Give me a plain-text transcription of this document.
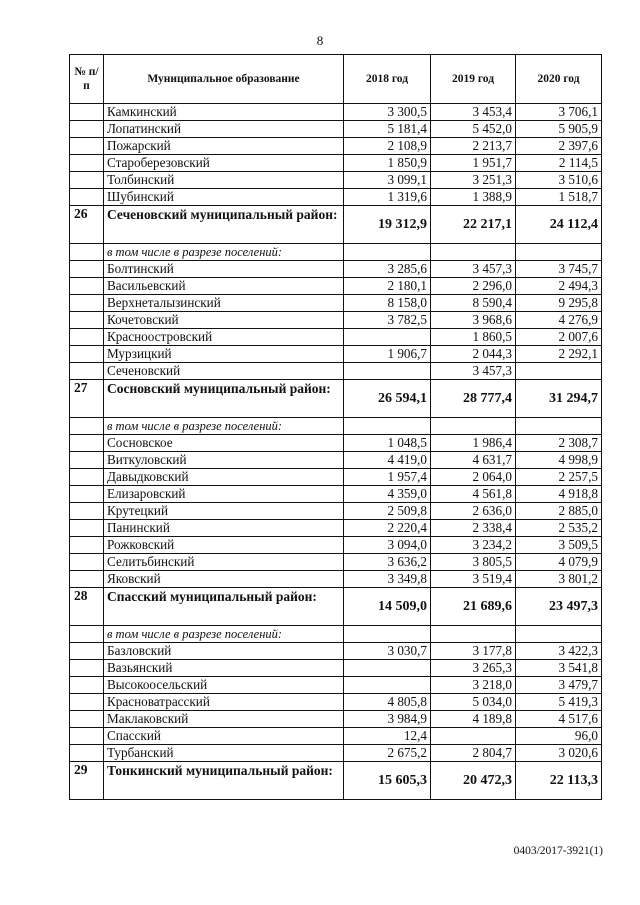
8
№ п/п	Муниципальное образование	2018 год	2019 год	2020 год
	Камкинский	3 300,5	3 453,4	3 706,1
	Лопатинский	5 181,4	5 452,0	5 905,9
	Пожарский	2 108,9	2 213,7	2 397,6
	Староберезовский	1 850,9	1 951,7	2 114,5
	Толбинский	3 099,1	3 251,3	3 510,6
	Шубинский	1 319,6	1 388,9	1 518,7
26	Сеченовский муниципальный район:	19 312,9	22 217,1	24 112,4
	в том числе в разрезе поселений:			
	Болтинский	3 285,6	3 457,3	3 745,7
	Васильевский	2 180,1	2 296,0	2 494,3
	Верхнеталызинский	8 158,0	8 590,4	9 295,8
	Кочетовский	3 782,5	3 968,6	4 276,9
	Красноостровский		1 860,5	2 007,6
	Мурзицкий	1 906,7	2 044,3	2 292,1
	Сеченовский		3 457,3	
27	Сосновский муниципальный район:	26 594,1	28 777,4	31 294,7
	в том числе в разрезе поселений:			
	Сосновское	1 048,5	1 986,4	2 308,7
	Виткуловский	4 419,0	4 631,7	4 998,9
	Давыдковский	1 957,4	2 064,0	2 257,5
	Елизаровский	4 359,0	4 561,8	4 918,8
	Крутецкий	2 509,8	2 636,0	2 885,0
	Панинский	2 220,4	2 338,4	2 535,2
	Рожковский	3 094,0	3 234,2	3 509,5
	Селитьбинский	3 636,2	3 805,5	4 079,9
	Яковский	3 349,8	3 519,4	3 801,2
28	Спасский муниципальный район:	14 509,0	21 689,6	23 497,3
	в том числе в разрезе поселений:			
	Базловский	3 030,7	3 177,8	3 422,3
	Вазьянский		3 265,3	3 541,8
	Высокоосельский		3 218,0	3 479,7
	Красноватрасский	4 805,8	5 034,0	5 419,3
	Маклаковский	3 984,9	4 189,8	4 517,6
	Спасский	12,4		96,0
	Турбанский	2 675,2	2 804,7	3 020,6
29	Тонкинский муниципальный район:	15 605,3	20 472,3	22 113,3
0403/2017-3921(1)
